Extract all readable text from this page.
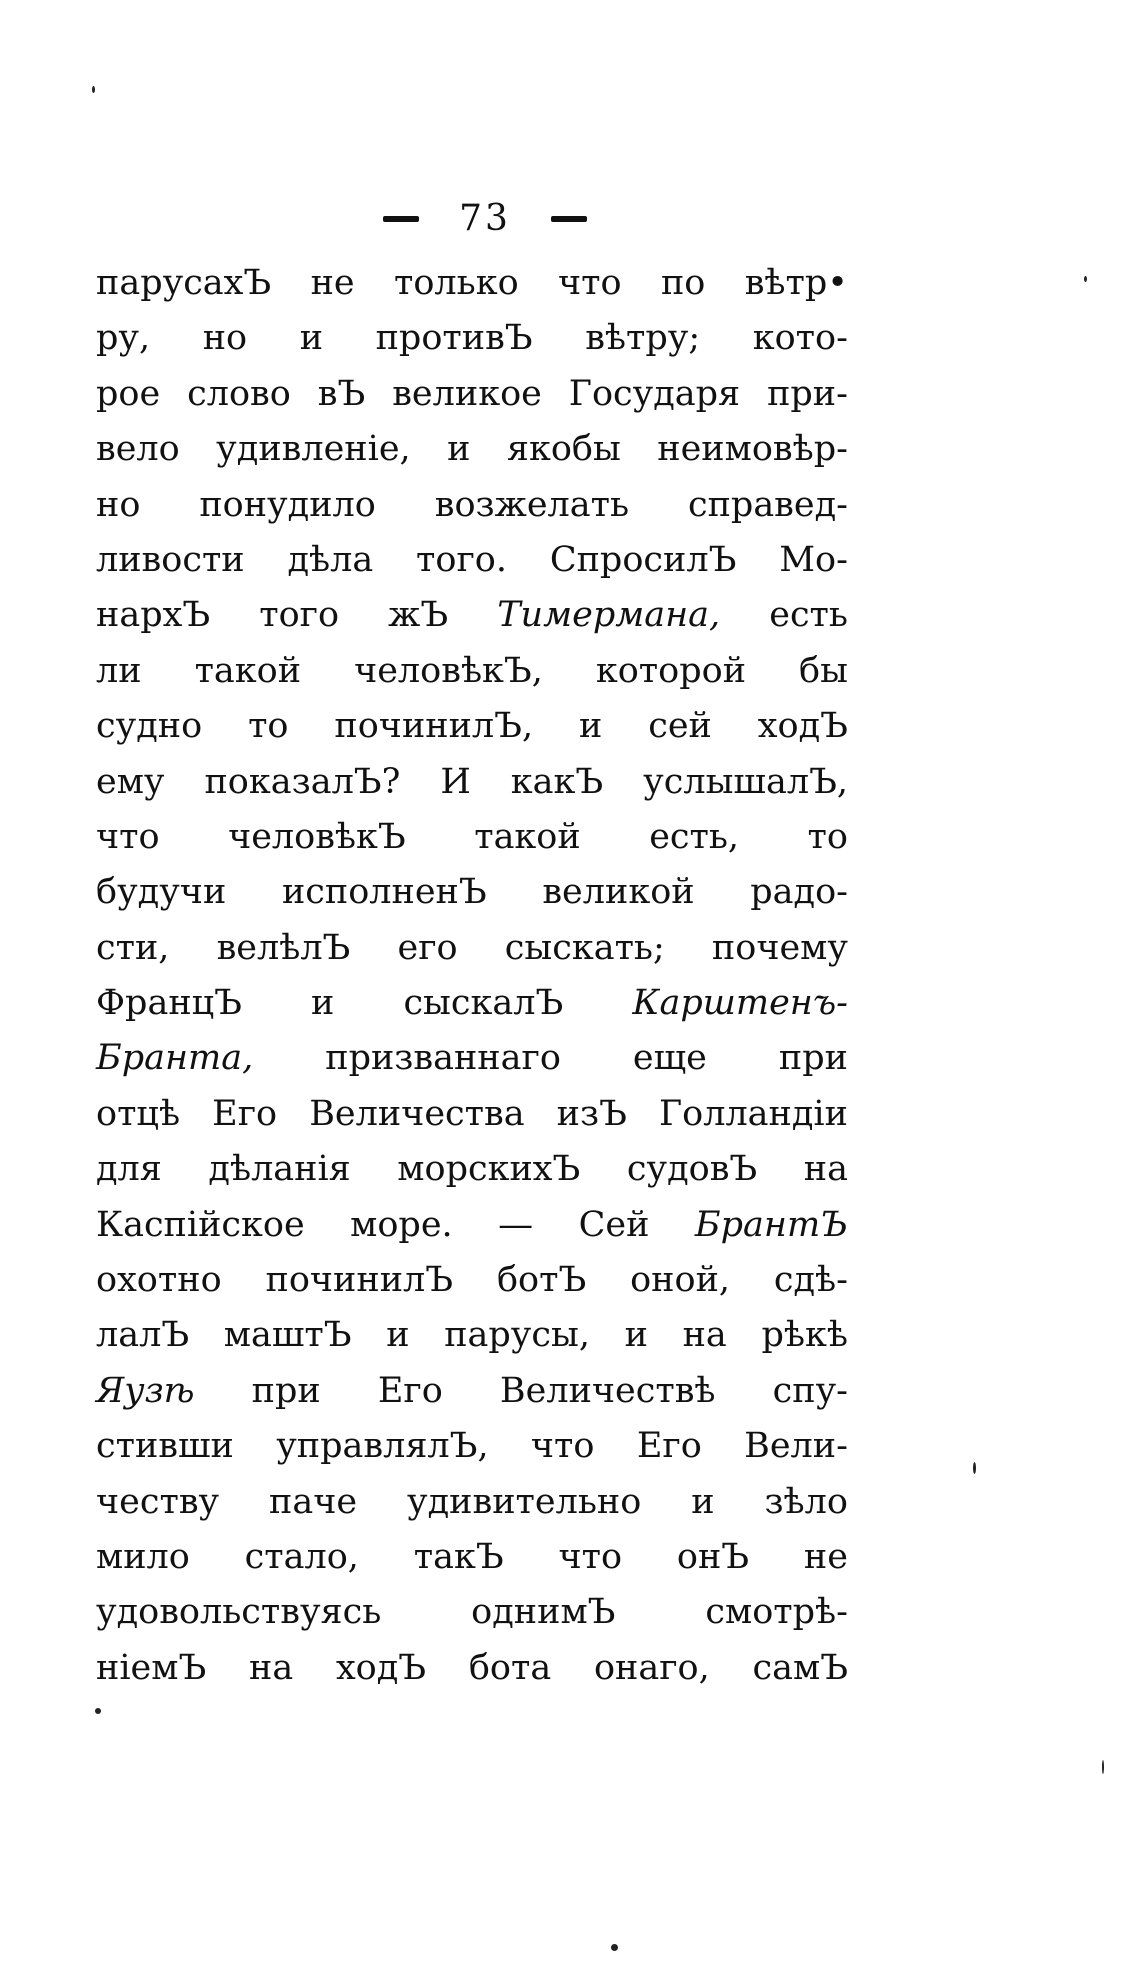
73
парусахЪ не только что по вѣтр•
ру, но и противЪ вѣтру; кото-
рое слово вЪ великое Государя при-
вело удивленіе, и якобы неимовѣр-
но понудило возжелать справед-
ливости дѣла того. СпросилЪ Мо-
нархЪ того жЪ Тимермана, есть
ли такой человѣкЪ, которой бы
судно то починилЪ, и сей ходЪ
ему показалЪ? И какЪ услышалЪ,
что человѣкЪ такой есть, то
будучи исполненЪ великой радо-
сти, велѣлЪ его сыскать; почему
ФранцЪ и сыскалЪ Карштенъ-
Бранта, призваннаго еще при
отцѣ Его Величества изЪ Голландіи
для дѣланія морскихЪ судовЪ на
Каспійское море. — Сей БрантЪ
охотно починилЪ ботЪ оной, сдѣ-
лалЪ маштЪ и парусы, и на рѣкѣ
Яузѣ при Его Величествѣ спу-
стивши управлялЪ, что Его Вели-
честву паче удивительно и зѣло
мило стало, такЪ что онЪ не
удовольствуясь	однимЪ	смотрѣ-
ніемЪ на ходЪ бота онаго, самЪ
